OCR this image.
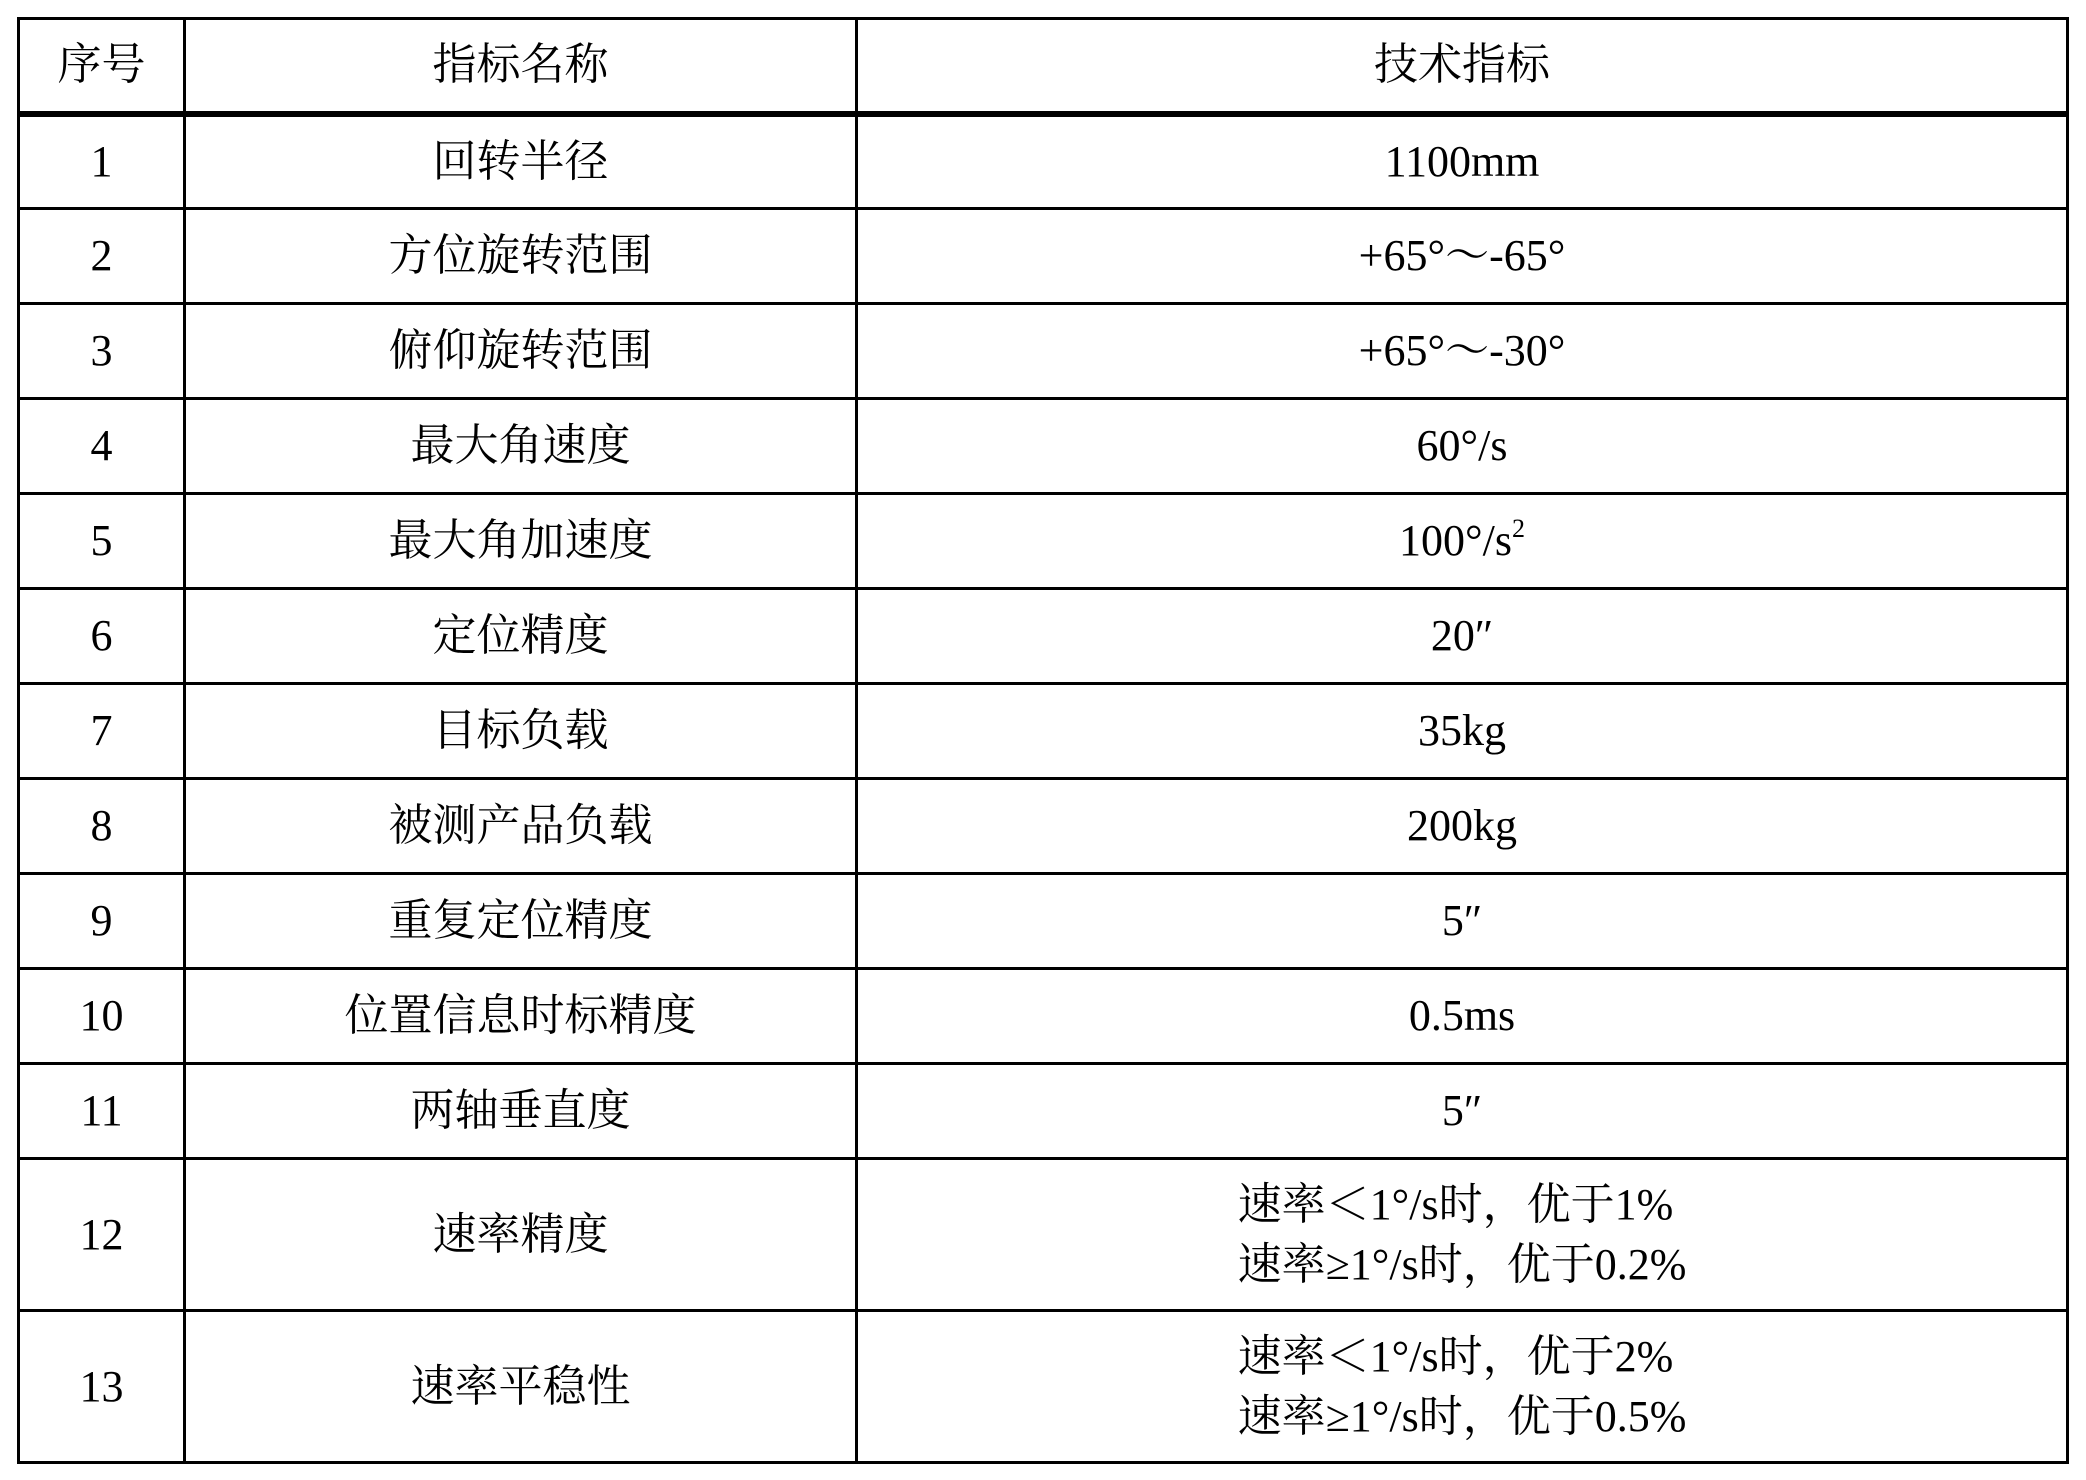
序号	指标名称	技术指标
1	回转半径	1100mm
2	方位旋转范围	+65°～-65°
3	俯仰旋转范围	+65°～-30°
4	最大角速度	60°/s
5	最大角加速度	$100^\circ/s^2$
6	定位精度	20″
7	目标负载	35kg
8	被测产品负载	200kg
9	重复定位精度	5″
10	位置信息时标精度	0.5ms
11	两轴垂直度	5″
12	速率精度	速率＜1°/s时，优于1%
速率≥1°/s时，优于0.2%

13	速率平稳性	速率＜1°/s时，优于2%
速率≥1°/s时，优于0.5%
